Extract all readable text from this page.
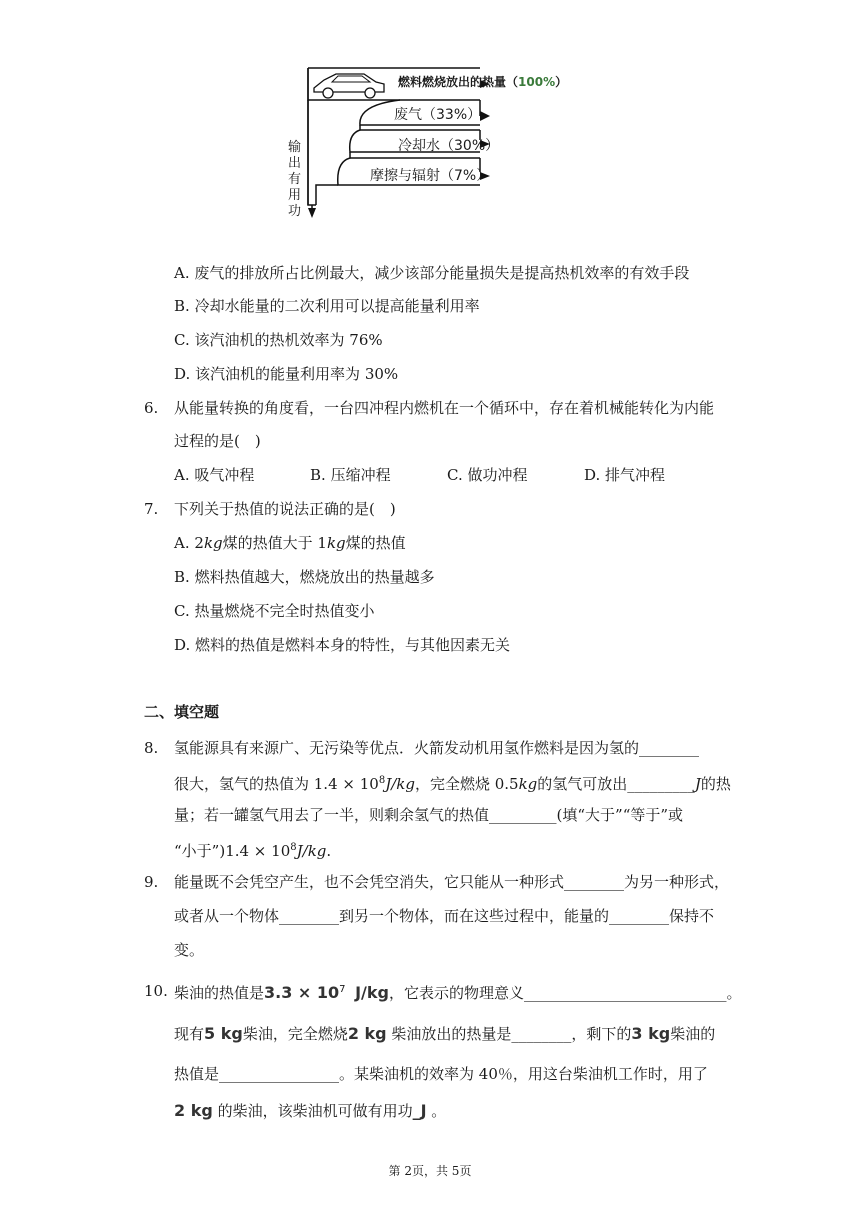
燃料燃烧放出的热量（100%）
废气（33%）
冷却水（30%）
摩擦与辐射（7%）
输
出
有
用
功
A. 废气的排放所占比例最大，减少该部分能量损失是提高热机效率的有效手段
B. 冷却水能量的二次利用可以提高能量利用率
C. 该汽油机的热机效率为 76%
D. 该汽油机的能量利用率为 30%
6. 从能量转换的角度看，一台四冲程内燃机在一个循环中，存在着机械能转化为内能
过程的是(　)
A. 吸气冲程	B. 压缩冲程	C. 做功冲程	D. 排气冲程
7. 下列关于热值的说法正确的是(　)
A. 2kg煤的热值大于 1kg煤的热值
B. 燃料热值越大，燃烧放出的热量越多
C. 热量燃烧不完全时热值变小
D. 燃料的热值是燃料本身的特性，与其他因素无关
二、填空题
8. 氢能源具有来源广、无污染等优点．火箭发动机用氢作燃料是因为氢的________
很大，氢气的热值为 $1.4 \times 10^8J/kg$，完全燃烧 0.5kg的氢气可放出_________J的热
量；若一罐氢气用去了一半，则剩余氢气的热值_________(填“大于”“等于”或
“小于”)1.4 × $10^8J/kg$.
9. 能量既不会凭空产生，也不会凭空消失，它只能从一种形式________为另一种形式，
或者从一个物体________到另一个物体，而在这些过程中，能量的________保持不
变。
10. 柴油的热值是$3.3 \times 10^7$ J/kg，它表示的物理意义___________________________。
现有5 kg柴油，完全燃烧2 kg 柴油放出的热量是________，剩下的3 kg柴油的
热值是________________。某柴油机的效率为 40％，用这台柴油机工作时，用了
2 kg 的柴油，该柴油机可做有用功_J 。
第 2页，共 5页
